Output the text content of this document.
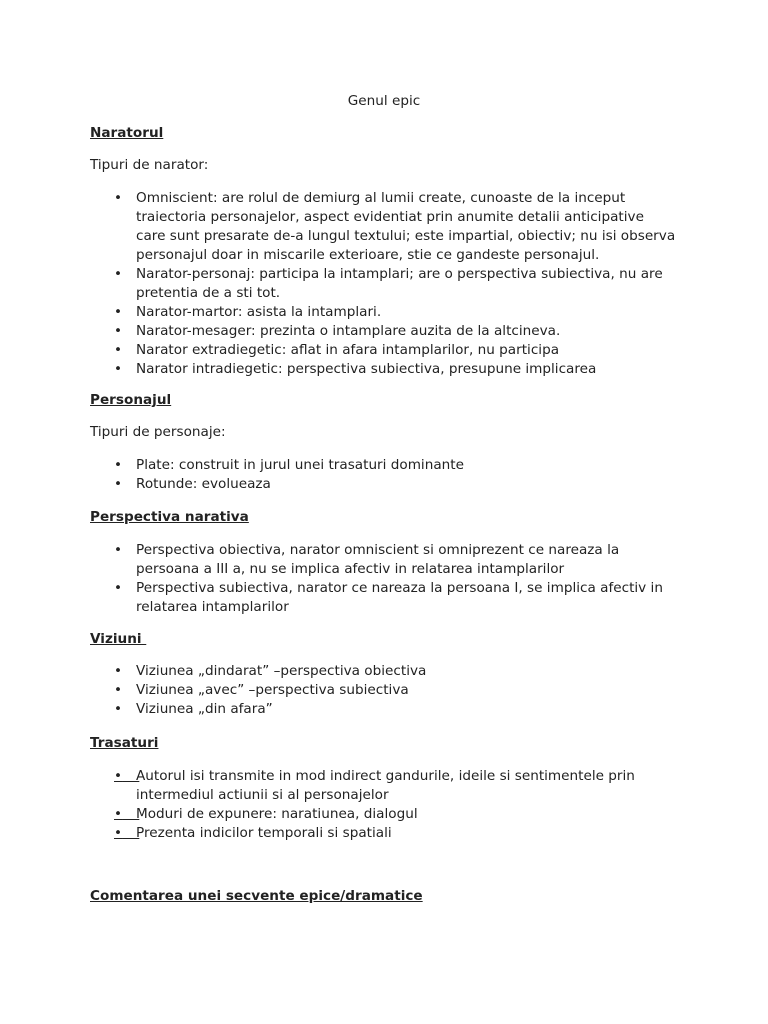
Genul epic
Naratorul
Tipuri de narator:
• Omniscient: are rolul de demiurg al lumii create, cunoaste de la inceput traiectoria personajelor, aspect evidentiat prin anumite detalii anticipative care sunt presarate de-a lungul textului; este impartial, obiectiv; nu isi observa personajul doar in miscarile exterioare, stie ce gandeste personajul.
• Narator-personaj: participa la intamplari; are o perspectiva subiectiva, nu are pretentia de a sti tot.
• Narator-martor: asista la intamplari.
• Narator-mesager: prezinta o intamplare auzita de la altcineva.
• Narator extradiegetic: aflat in afara intamplarilor, nu participa
• Narator intradiegetic: perspectiva subiectiva, presupune implicarea
Personajul
Tipuri de personaje:
• Plate: construit in jurul unei trasaturi dominante
• Rotunde: evolueaza
Perspectiva narativa
• Perspectiva obiectiva, narator omniscient si omniprezent ce nareaza la persoana a III a, nu se implica afectiv in relatarea intamplarilor
• Perspectiva subiectiva, narator ce nareaza la persoana I, se implica afectiv in relatarea intamplarilor
Viziuni
• Viziunea „dindarat” –perspectiva obiectiva
• Viziunea „avec” –perspectiva subiectiva
• Viziunea „din afara”
Trasaturi
•	Autorul isi transmite in mod indirect gandurile, ideile si sentimentele prin intermediul actiunii si al personajelor
•	Moduri de expunere: naratiunea, dialogul
•	Prezenta indicilor temporali si spatiali
Comentarea unei secvente epice/dramatice
